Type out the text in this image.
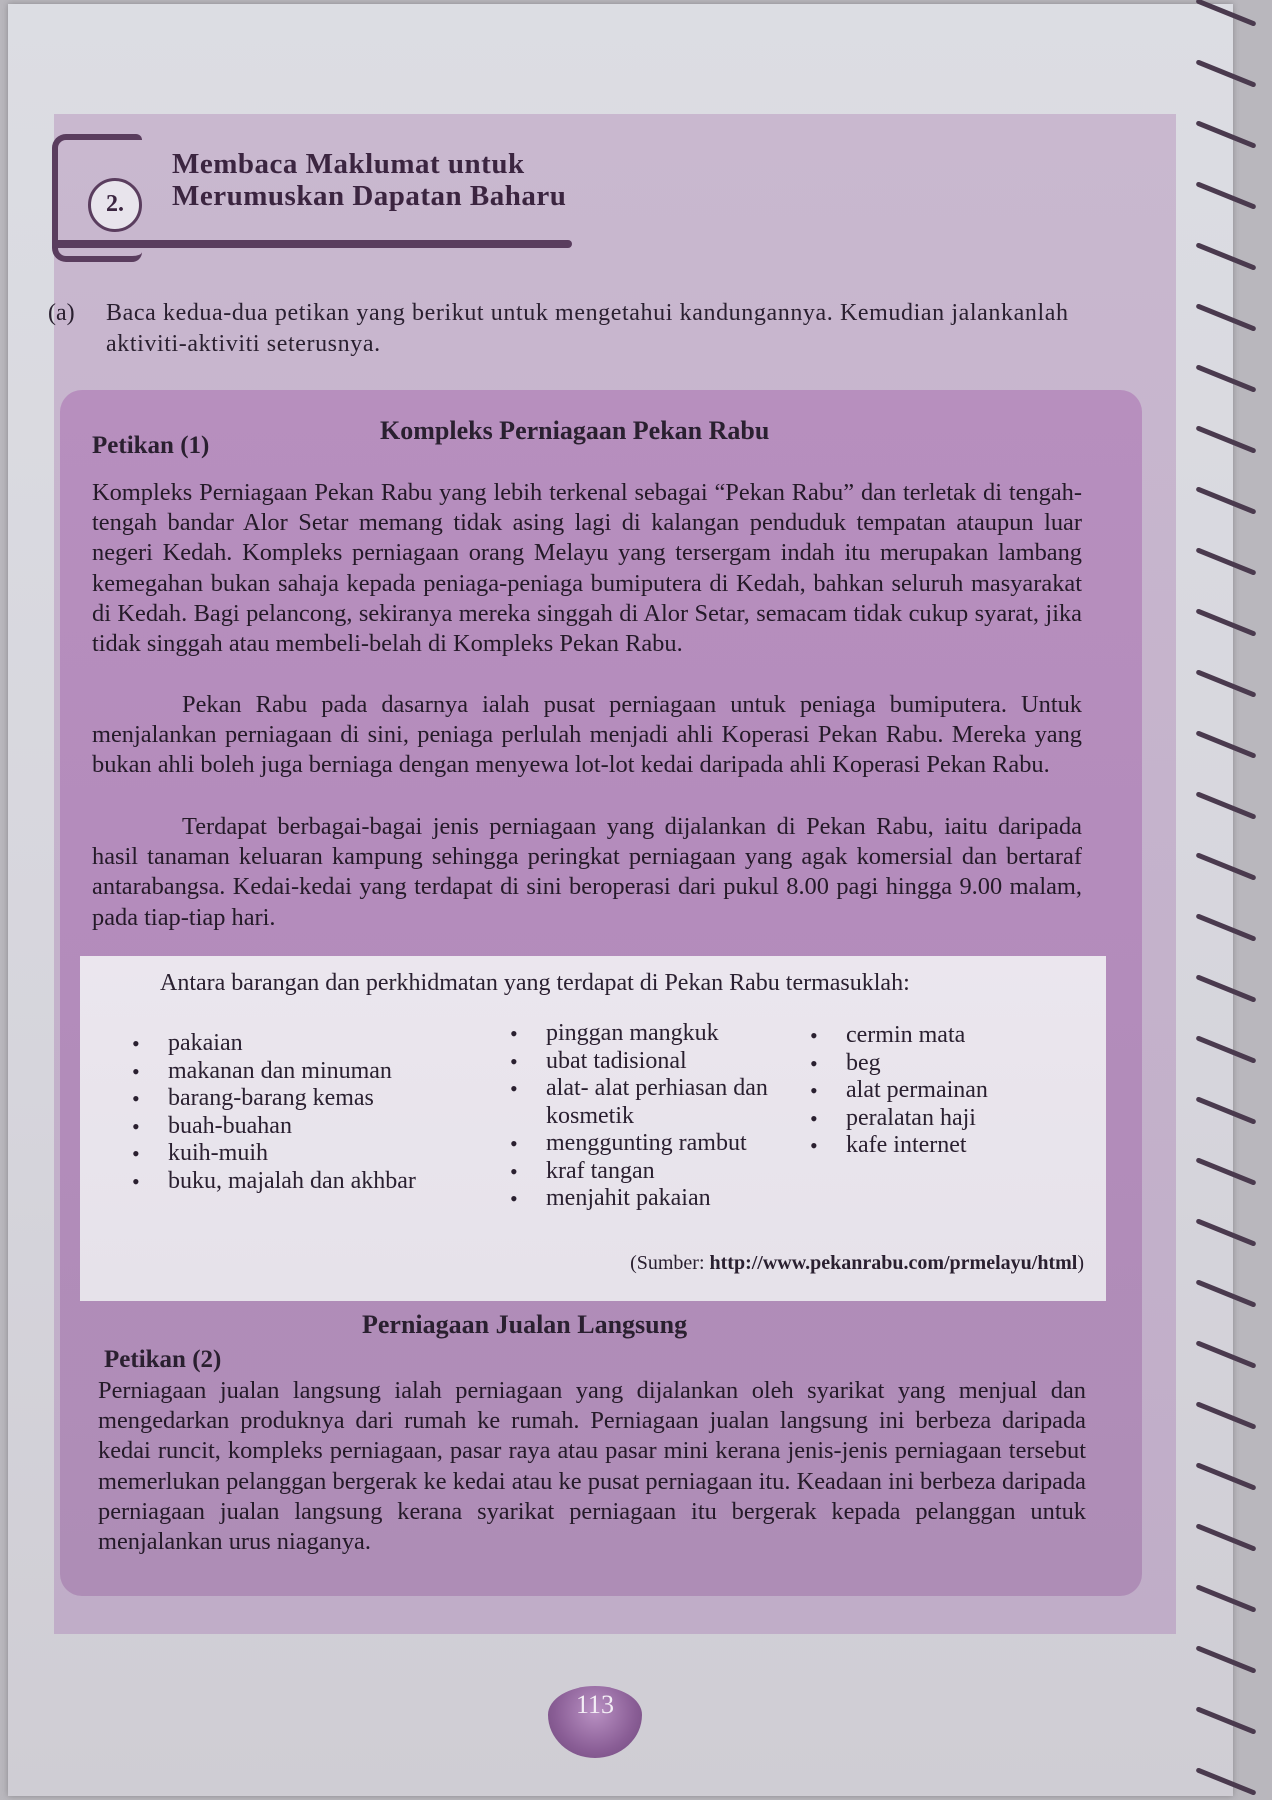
2.
Membaca Maklumat untuk
Merumuskan Dapatan Baharu
(a) Baca kedua-dua petikan yang berikut untuk mengetahui kandungannya. Kemudian jalankanlah aktiviti-aktiviti seterusnya.
Kompleks Perniagaan Pekan Rabu
Petikan (1)
Kompleks Perniagaan Pekan Rabu yang lebih terkenal sebagai “Pekan Rabu” dan terletak di tengah-tengah bandar Alor Setar memang tidak asing lagi di kalangan penduduk tempatan ataupun luar negeri Kedah. Kompleks perniagaan orang Melayu yang tersergam indah itu merupakan lambang kemegahan bukan sahaja kepada peniaga-peniaga bumiputera di Kedah, bahkan seluruh masyarakat di Kedah. Bagi pelancong, sekiranya mereka singgah di Alor Setar, semacam tidak cukup syarat, jika tidak singgah atau membeli-belah di Kompleks Pekan Rabu.
Pekan Rabu pada dasarnya ialah pusat perniagaan untuk peniaga bumiputera. Untuk menjalankan perniagaan di sini, peniaga perlulah menjadi ahli Koperasi Pekan Rabu. Mereka yang bukan ahli boleh juga berniaga dengan menyewa lot-lot kedai daripada ahli Koperasi Pekan Rabu.
Terdapat berbagai-bagai jenis perniagaan yang dijalankan di Pekan Rabu, iaitu daripada hasil tanaman keluaran kampung sehingga peringkat perniagaan yang agak komersial dan bertaraf antarabangsa. Kedai-kedai yang terdapat di sini beroperasi dari pukul 8.00 pagi hingga 9.00 malam, pada tiap-tiap hari.
Antara barangan dan perkhidmatan yang terdapat di Pekan Rabu termasuklah:
• pakaian
• makanan dan minuman
• barang-barang kemas
• buah-buahan
• kuih-muih
• buku, majalah dan akhbar
• pinggan mangkuk
• ubat tadisional
• alat- alat perhiasan dan kosmetik
• menggunting rambut
• kraf tangan
• menjahit pakaian
• cermin mata
• beg
• alat permainan
• peralatan haji
• kafe internet
(Sumber: http://www.pekanrabu.com/prmelayu/html)
Perniagaan Jualan Langsung
Petikan (2)
Perniagaan jualan langsung ialah perniagaan yang dijalankan oleh syarikat yang menjual dan mengedarkan produknya dari rumah ke rumah. Perniagaan jualan langsung ini berbeza daripada kedai runcit, kompleks perniagaan, pasar raya atau pasar mini kerana jenis-jenis perniagaan tersebut memerlukan pelanggan bergerak ke kedai atau ke pusat perniagaan itu. Keadaan ini berbeza daripada perniagaan jualan langsung kerana syarikat perniagaan itu bergerak kepada pelanggan untuk menjalankan urus niaganya.
113
